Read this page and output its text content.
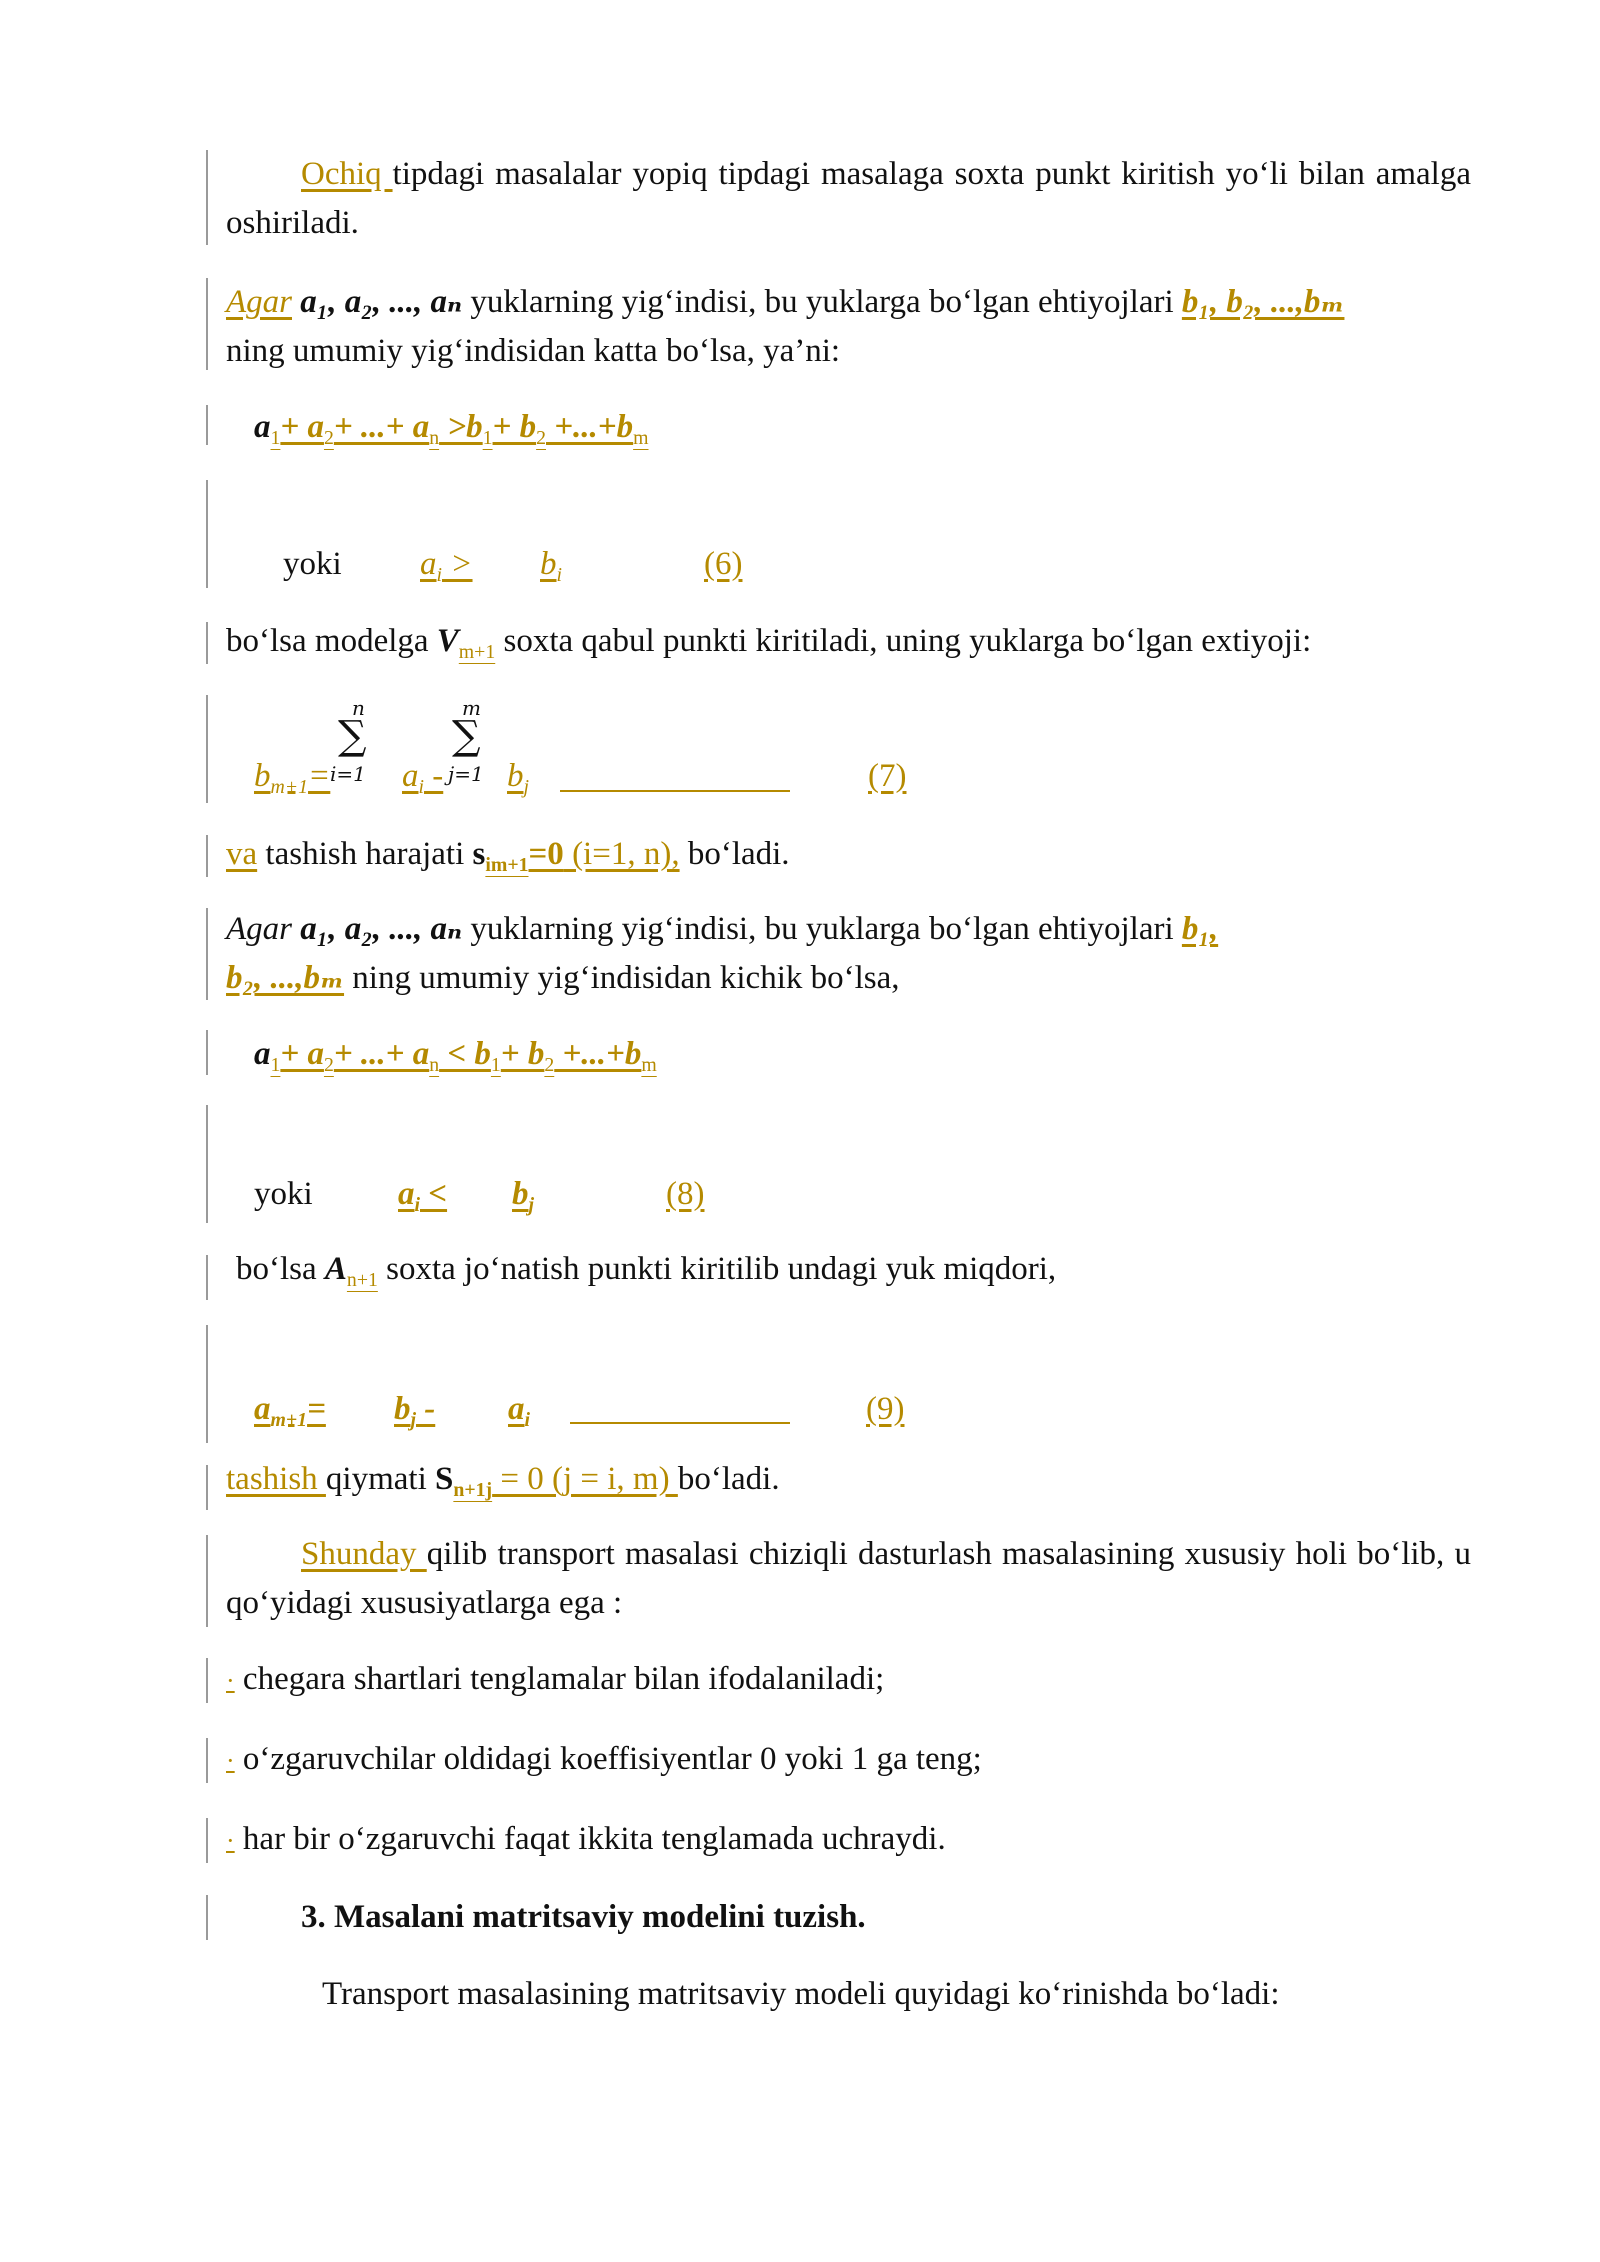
Ochiq tipdagi masalalar yopiq tipdagi masalaga soxta punkt kiritish yo‘li bilan amalga oshiriladi.
Agar a₁, a₂, ..., aₙ yuklarning yig‘indisi, bu yuklarga bo‘lgan ehtiyojlari b₁, b₂, ...,bₘ
ning umumiy yig‘indisidan katta bo‘lsa, ya’ni:
$a_1+ a_2+$ ...+ $a_n >b_1+ b_2 +...+b_m$
yoki $a_i > b_i$	(6)
bo‘lsa modelga $V_{m+1}$ soxta qabul punkti kiritiladi, uning yuklarga bo‘lgan extiyoji:
n
∑
i=1
m
∑
j=1
$b_{m+1}= a_i - b_j$	(7)
va tashish harajati $s_{im+1}=0$ (i=1, n), bo‘ladi.
Agar a₁, a₂, ..., aₙ yuklarning yig‘indisi, bu yuklarga bo‘lgan ehtiyojlari b₁,
b₂, ...,bₘ ning umumiy yig‘indisidan kichik bo‘lsa,
$a_1+ a_2+$ ...+ $a_n < b_1+ b_2 +...+b_m$
yoki	$a_i < b_j$	(8)
bo‘lsa $A_{n+1}$ soxta jo‘natish punkti kiritilib undagi yuk miqdori,
$a_{m+1}= b_j - a_i$	(9)
tashish qiymati $S_{n+1j} = 0$ (j = i, m) bo‘ladi.
Shunday qilib transport masalasi chiziqli dasturlash masalasining xususiy holi bo‘lib, u qo‘yidagi xususiyatlarga ega :
· chegara shartlari tenglamalar bilan ifodalaniladi;
· o‘zgaruvchilar oldidagi koeffisiyentlar 0 yoki 1 ga teng;
· har bir o‘zgaruvchi faqat ikkita tenglamada uchraydi.
3. Masalani matritsaviy modelini tuzish.
Transport masalasining matritsaviy modeli quyidagi ko‘rinishda bo‘ladi:
